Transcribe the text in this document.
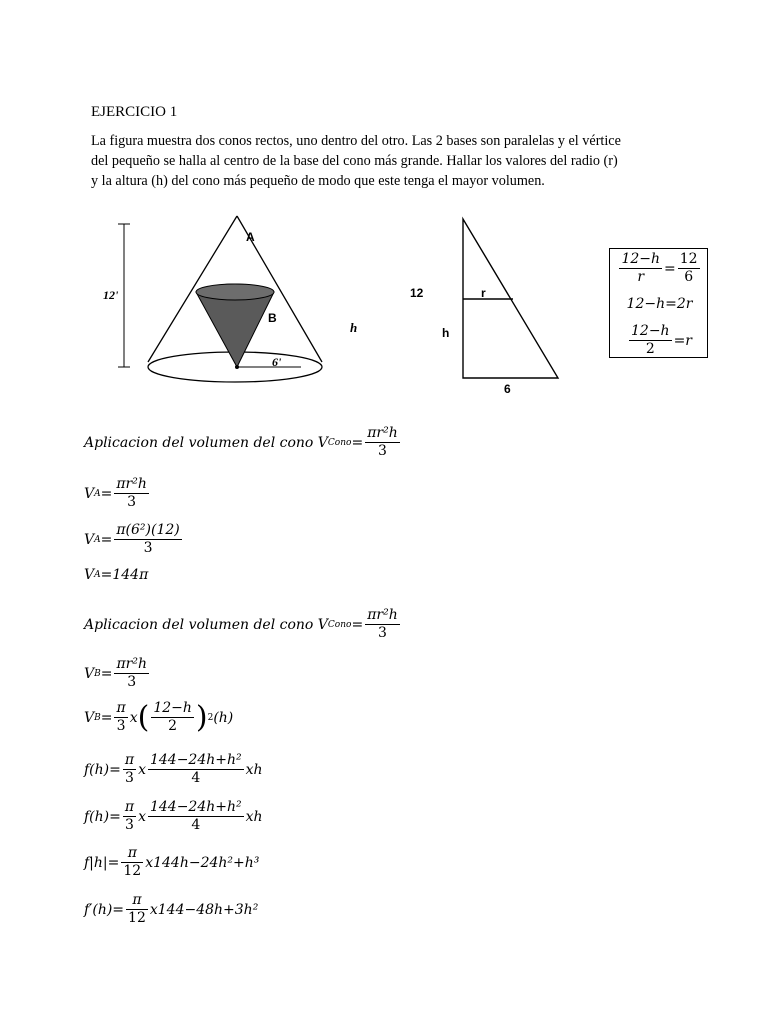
EJERCICIO 1
La figura muestra dos conos rectos, uno dentro del otro. Las 2 bases son paralelas y el vértice
del pequeño se halla al centro de la base del cono más grande. Hallar los valores del radio (r)
y la altura (h) del cono más pequeño de modo que este tenga el mayor volumen.
A
B
12'
h
6'
12	r
h
6
$\frac{12-h}{r} = \frac{12}{6}$
12−h=2r
$\frac{12-h}{2} =r$
Aplicacion del volumen del cono V Cono = $\frac{\text{πr²h}}{3}$
V $A = \frac{\text{πr²h}}{3}$
V $A = \frac{\text{π(6²)(12)}}{3}$
V A = 144π
Aplicacion del volumen del cono V Cono = $\frac{\text{πr²h}}{3}$
V $B = \frac{\text{πr²h}}{3}$
V $B = \frac{\pi}{3}$ x ( $\frac{12-h}{2}$ ) 2 (h)
$f(h)= \frac{\pi}{3}$ x $\frac{\text{144−24h+h²}}{4}$ xh
$f(h)= \frac{\pi}{3}$ x $\frac{\text{144−24h+h²}}{4}$ xh
$f|h|= \frac{\pi}{12} x144h-24h^2+h^3$
$f'(h)= \frac{\pi}{12} x144-48h+3h^2$
